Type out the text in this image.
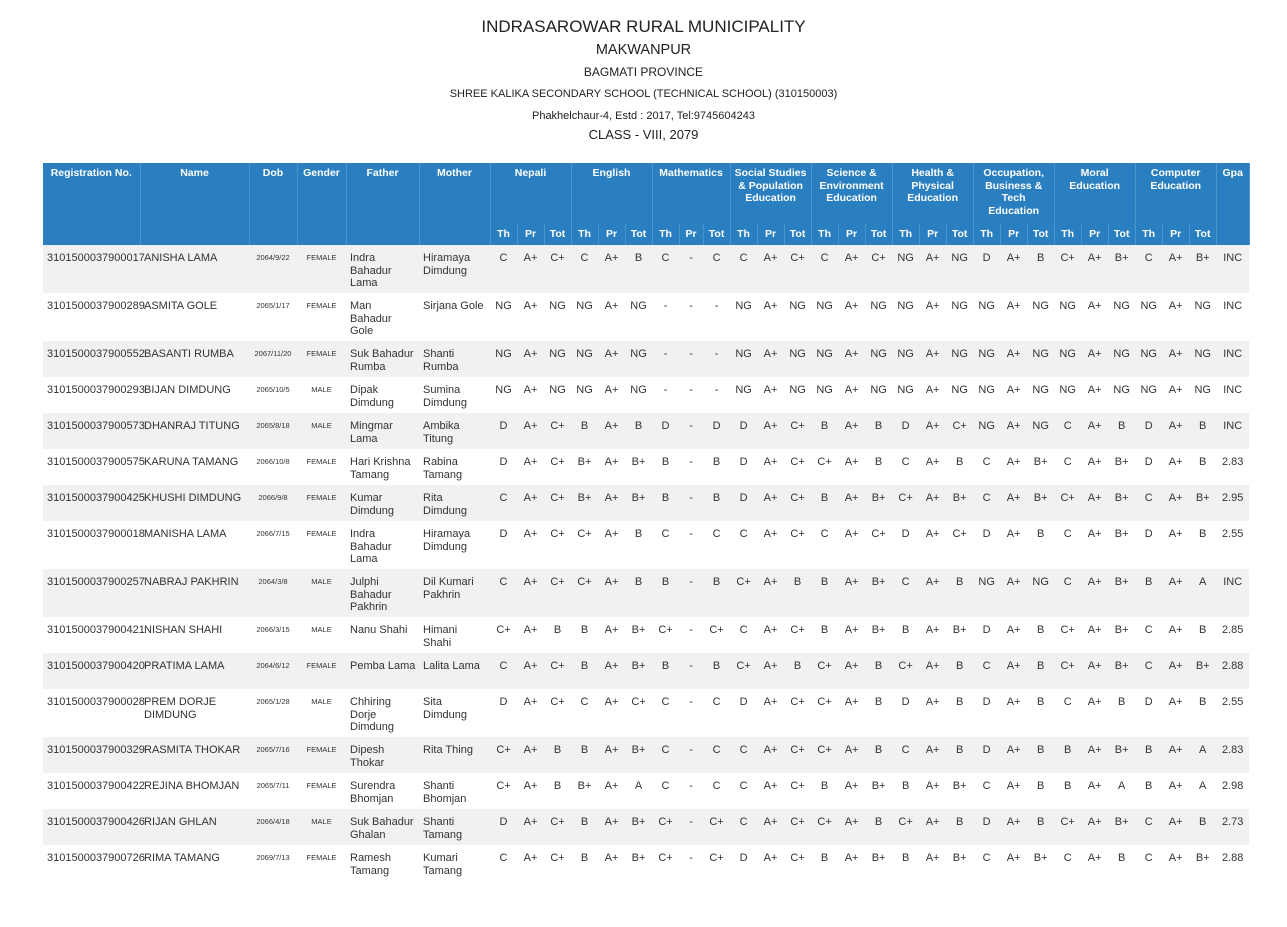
INDRASAROWAR RURAL MUNICIPALITY
MAKWANPUR
BAGMATI PROVINCE
SHREE KALIKA SECONDARY SCHOOL (TECHNICAL SCHOOL) (310150003)
Phakhelchaur-4, Estd : 2017, Tel:9745604243
CLASS - VIII, 2079
Registration No.	Name	Dob	Gender	Father	Mother	Nepali			English			Mathematics			Social Studies & Population Education			Science & Environment Education			Health & Physical Education			Occupation, Business & Tech Education			Moral Education			Computer Education			Gpa
						Th	Pr	Tot	Th	Pr	Tot	Th	Pr	Tot	Th	Pr	Tot	Th	Pr	Tot	Th	Pr	Tot	Th	Pr	Tot	Th	Pr	Tot	Th	Pr	Tot	
3101500037900017	ANISHA LAMA	2064/9/22	FEMALE	Indra Bahadur Lama	Hiramaya Dimdung	C	A+	C+	C	A+	B	C	-	C	C	A+	C+	C	A+	C+	NG	A+	NG	D	A+	B	C+	A+	B+	C	A+	B+	INC
3101500037900289	ASMITA GOLE	2065/1/17	FEMALE	Man Bahadur Gole	Sirjana Gole	NG	A+	NG	NG	A+	NG	-	-	-	NG	A+	NG	NG	A+	NG	NG	A+	NG	NG	A+	NG	NG	A+	NG	NG	A+	NG	INC
3101500037900552	BASANTI RUMBA	2067/11/20	FEMALE	Suk Bahadur Rumba	Shanti Rumba	NG	A+	NG	NG	A+	NG	-	-	-	NG	A+	NG	NG	A+	NG	NG	A+	NG	NG	A+	NG	NG	A+	NG	NG	A+	NG	INC
3101500037900293	BIJAN DIMDUNG	2065/10/5	MALE	Dipak Dimdung	Sumina Dimdung	NG	A+	NG	NG	A+	NG	-	-	-	NG	A+	NG	NG	A+	NG	NG	A+	NG	NG	A+	NG	NG	A+	NG	NG	A+	NG	INC
3101500037900573	DHANRAJ TITUNG	2065/8/18	MALE	Mingmar Lama	Ambika Titung	D	A+	C+	B	A+	B	D	-	D	D	A+	C+	B	A+	B	D	A+	C+	NG	A+	NG	C	A+	B	D	A+	B	INC
3101500037900575	KARUNA TAMANG	2066/10/8	FEMALE	Hari Krishna Tamang	Rabina Tamang	D	A+	C+	B+	A+	B+	B	-	B	D	A+	C+	C+	A+	B	C	A+	B	C	A+	B+	C	A+	B+	D	A+	B	2.83
3101500037900425	KHUSHI DIMDUNG	2066/9/8	FEMALE	Kumar Dimdung	Rita Dimdung	C	A+	C+	B+	A+	B+	B	-	B	D	A+	C+	B	A+	B+	C+	A+	B+	C	A+	B+	C+	A+	B+	C	A+	B+	2.95
3101500037900018	MANISHA LAMA	2066/7/15	FEMALE	Indra Bahadur Lama	Hiramaya Dimdung	D	A+	C+	C+	A+	B	C	-	C	C	A+	C+	C	A+	C+	D	A+	C+	D	A+	B	C	A+	B+	D	A+	B	2.55
3101500037900257	NABRAJ PAKHRIN	2064/3/8	MALE	Julphi Bahadur Pakhrin	Dil Kumari Pakhrin	C	A+	C+	C+	A+	B	B	-	B	C+	A+	B	B	A+	B+	C	A+	B	NG	A+	NG	C	A+	B+	B	A+	A	INC
3101500037900421	NISHAN SHAHI	2066/3/15	MALE	Nanu Shahi	Himani Shahi	C+	A+	B	B	A+	B+	C+	-	C+	C	A+	C+	B	A+	B+	B	A+	B+	D	A+	B	C+	A+	B+	C	A+	B	2.85
3101500037900420	PRATIMA LAMA	2064/6/12	FEMALE	Pemba Lama	Lalita Lama	C	A+	C+	B	A+	B+	B	-	B	C+	A+	B	C+	A+	B	C+	A+	B	C	A+	B	C+	A+	B+	C	A+	B+	2.88
3101500037900028	PREM DORJE DIMDUNG	2065/1/28	MALE	Chhiring Dorje Dimdung	Sita Dimdung	D	A+	C+	C	A+	C+	C	-	C	D	A+	C+	C+	A+	B	D	A+	B	D	A+	B	C	A+	B	D	A+	B	2.55
3101500037900329	RASMITA THOKAR	2065/7/16	FEMALE	Dipesh Thokar	Rita Thing	C+	A+	B	B	A+	B+	C	-	C	C	A+	C+	C+	A+	B	C	A+	B	D	A+	B	B	A+	B+	B	A+	A	2.83
3101500037900422	REJINA BHOMJAN	2065/7/11	FEMALE	Surendra Bhomjan	Shanti Bhomjan	C+	A+	B	B+	A+	A	C	-	C	C	A+	C+	B	A+	B+	B	A+	B+	C	A+	B	B	A+	A	B	A+	A	2.98
3101500037900426	RIJAN GHLAN	2066/4/18	MALE	Suk Bahadur Ghalan	Shanti Tamang	D	A+	C+	B	A+	B+	C+	-	C+	C	A+	C+	C+	A+	B	C+	A+	B	D	A+	B	C+	A+	B+	C	A+	B	2.73
3101500037900726	RIMA TAMANG	2069/7/13	FEMALE	Ramesh Tamang	Kumari Tamang	C	A+	C+	B	A+	B+	C+	-	C+	D	A+	C+	B	A+	B+	B	A+	B+	C	A+	B+	C	A+	B	C	A+	B+	2.88
